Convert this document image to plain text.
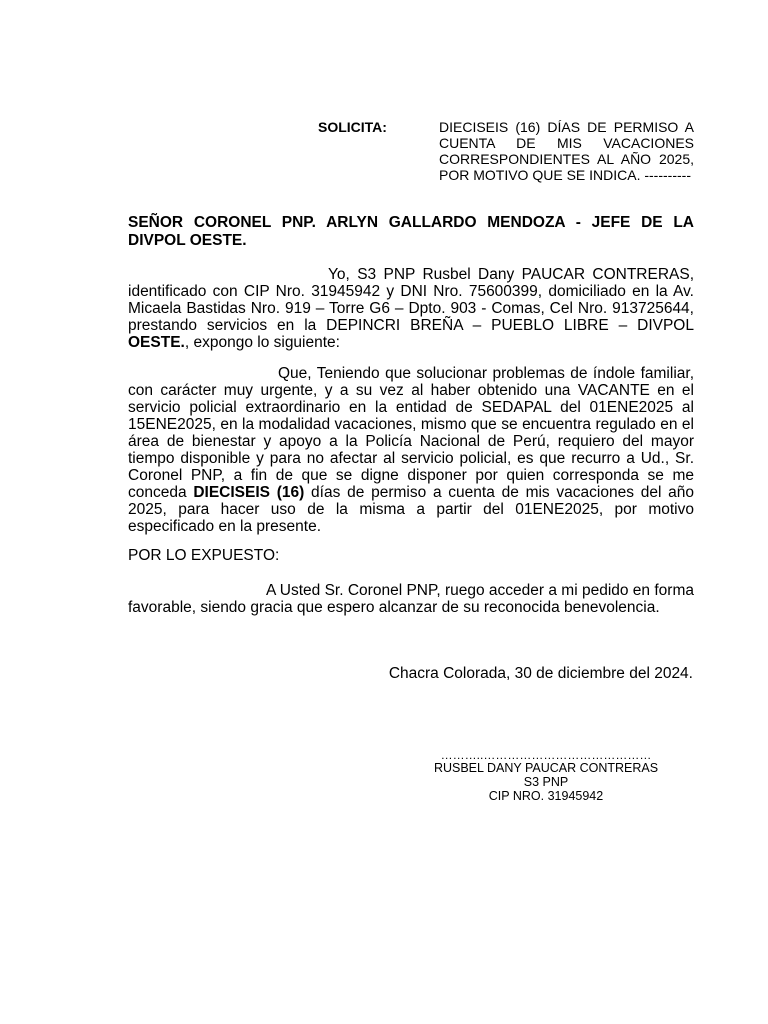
SOLICITA:	DIECISEIS (16) DÍAS DE PERMISO A CUENTA DE MIS VACACIONES CORRESPONDIENTES AL AÑO 2025, POR MOTIVO QUE SE INDICA. ----------
SEÑOR CORONEL PNP. ARLYN GALLARDO MENDOZA - JEFE DE LA DIVPOL OESTE.
Yo, S3 PNP Rusbel Dany PAUCAR CONTRERAS, identificado con CIP Nro. 31945942 y DNI Nro. 75600399, domiciliado en la Av. Micaela Bastidas Nro. 919 – Torre G6 – Dpto. 903 - Comas, Cel Nro. 913725644, prestando servicios en la DEPINCRI BREÑA – PUEBLO LIBRE – DIVPOL OESTE., expongo lo siguiente:
Que, Teniendo que solucionar problemas de índole familiar, con carácter muy urgente, y a su vez al haber obtenido una VACANTE en el servicio policial extraordinario en la entidad de SEDAPAL del 01ENE2025 al 15ENE2025, en la modalidad vacaciones, mismo que se encuentra regulado en el área de bienestar y apoyo a la Policía Nacional de Perú, requiero del mayor tiempo disponible y para no afectar al servicio policial, es que recurro a Ud., Sr. Coronel PNP, a fin de que se digne disponer por quien corresponda se me conceda DIECISEIS (16) días de permiso a cuenta de mis vacaciones del año 2025, para hacer uso de la misma a partir del 01ENE2025, por motivo especificado en la presente.
POR LO EXPUESTO:
A Usted Sr. Coronel PNP, ruego acceder a mi pedido en forma favorable, siendo gracia que espero alcanzar de su reconocida benevolencia.
Chacra Colorada, 30 de diciembre del 2024.
………..……………………………………
RUSBEL DANY PAUCAR CONTRERAS
S3 PNP
CIP NRO. 31945942
